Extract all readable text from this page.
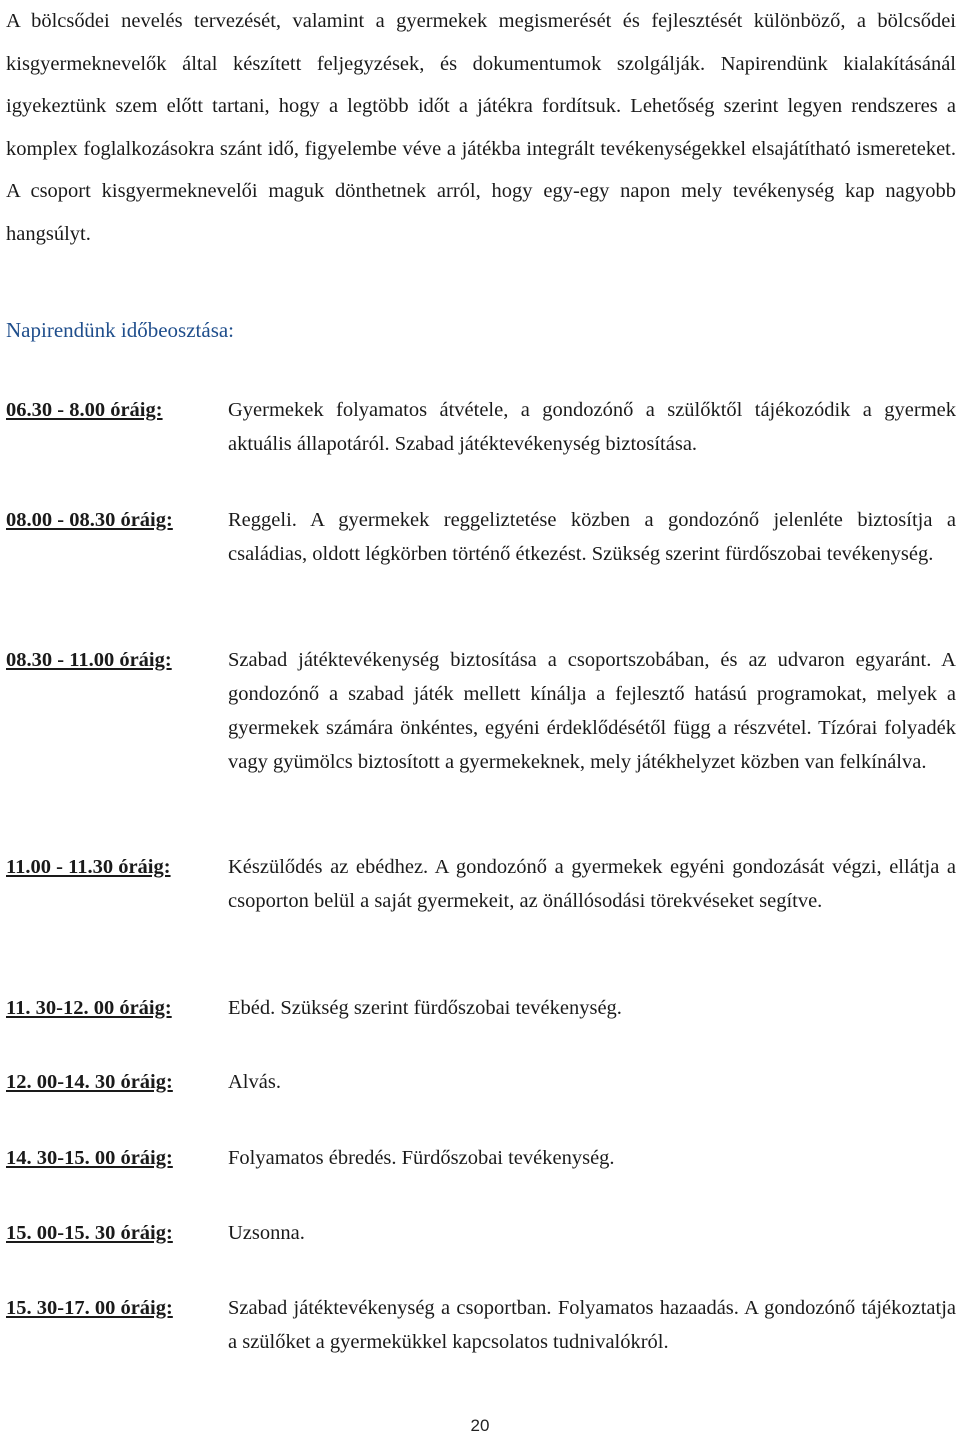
A bölcsődei nevelés tervezését, valamint a gyermekek megismerését és fejlesztését különböző, a bölcsődei kisgyermeknevelők által készített feljegyzések, és dokumentumok szolgálják. Napirendünk kialakításánál igyekeztünk szem előtt tartani, hogy a legtöbb időt a játékra fordítsuk. Lehetőség szerint legyen rendszeres a komplex foglalkozásokra szánt idő, figyelembe véve a játékba integrált tevékenységekkel elsajátítható ismereteket. A csoport kisgyermeknevelői maguk dönthetnek arról, hogy egy-egy napon mely tevékenység kap nagyobb hangsúlyt.

Napirendünk időbeosztása:
06.30 - 8.00 óráig:	Gyermekek folyamatos átvétele, a gondozónő a szülőktől tájékozódik a gyermek aktuális állapotáról. Szabad játéktevékenység biztosítása.
08.00 - 08.30 óráig:	Reggeli. A gyermekek reggeliztetése közben a gondozónő jelenléte biztosítja a családias, oldott légkörben történő étkezést. Szükség szerint fürdőszobai tevékenység.
08.30 - 11.00 óráig:	Szabad játéktevékenység biztosítása a csoportszobában, és az udvaron egyaránt. A gondozónő a szabad játék mellett kínálja a fejlesztő hatású programokat, melyek a gyermekek számára önkéntes, egyéni érdeklődésétől függ a részvétel. Tízórai folyadék vagy gyümölcs biztosított a gyermekeknek, mely játékhelyzet közben van felkínálva.
11.00 - 11.30 óráig:	Készülődés az ebédhez. A gondozónő a gyermekek egyéni gondozását végzi, ellátja a csoporton belül a saját gyermekeit, az önállósodási törekvéseket segítve.
11. 30-12. 00 óráig:	Ebéd. Szükség szerint fürdőszobai tevékenység.
12. 00-14. 30 óráig:	Alvás.
14. 30-15. 00 óráig:	Folyamatos ébredés. Fürdőszobai tevékenység.
15. 00-15. 30 óráig:	Uzsonna.
15. 30-17. 00 óráig:	Szabad játéktevékenység a csoportban. Folyamatos hazaadás. A gondozónő tájékoztatja a szülőket a gyermekükkel kapcsolatos tudnivalókról.
20
